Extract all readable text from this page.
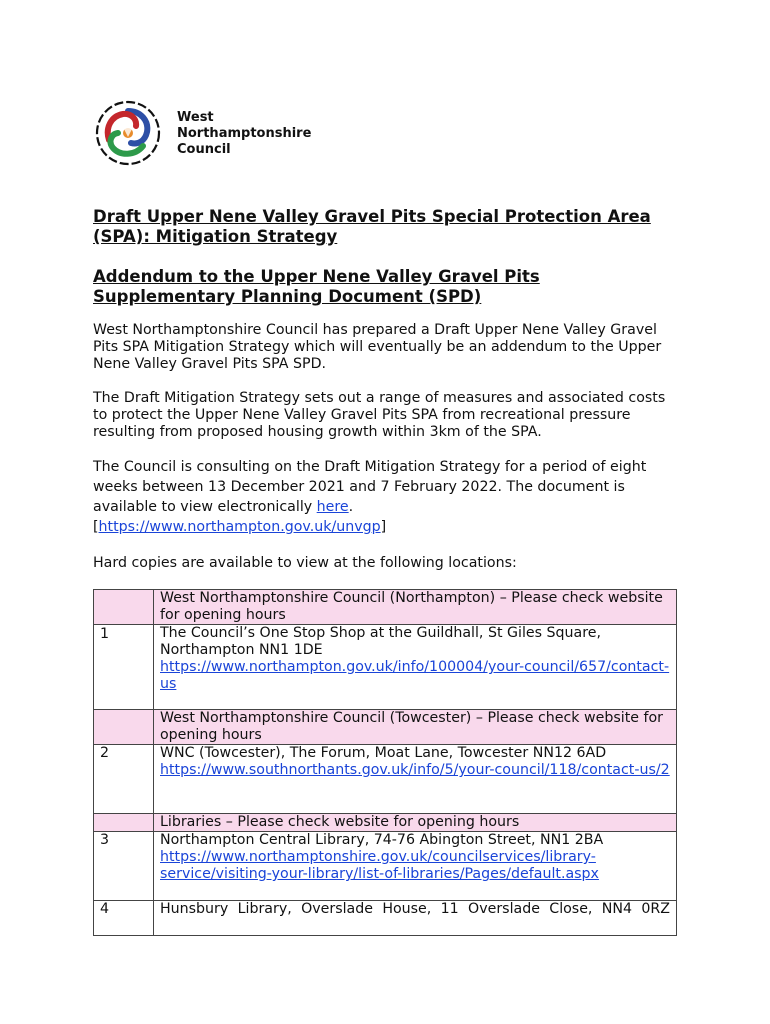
West
Northamptonshire
Council
Draft Upper Nene Valley Gravel Pits Special Protection Area (SPA): Mitigation Strategy
Addendum to the Upper Nene Valley Gravel Pits Supplementary Planning Document (SPD)
West Northamptonshire Council has prepared a Draft Upper Nene Valley Gravel Pits SPA Mitigation Strategy which will eventually be an addendum to the Upper Nene Valley Gravel Pits SPA SPD.
The Draft Mitigation Strategy sets out a range of measures and associated costs to protect the Upper Nene Valley Gravel Pits SPA from recreational pressure resulting from proposed housing growth within 3km of the SPA.
The Council is consulting on the Draft Mitigation Strategy for a period of eight weeks between 13 December 2021 and 7 February 2022. The document is available to view electronically here.
[https://www.northampton.gov.uk/unvgp]
Hard copies are available to view at the following locations:
	West Northamptonshire Council (Northampton) – Please check website for opening hours
1	The Council’s One Stop Shop at the Guildhall, St Giles Square, Northampton NN1 1DE
https://www.northampton.gov.uk/info/100004/your-council/657/contact-us
	West Northamptonshire Council (Towcester) – Please check website for opening hours
2	WNC (Towcester), The Forum, Moat Lane, Towcester NN12 6AD
https://www.southnorthants.gov.uk/info/5/your-council/118/contact-us/2
	Libraries – Please check website for opening hours
3	Northampton Central Library, 74-76 Abington Street, NN1 2BA
https://www.northamptonshire.gov.uk/councilservices/library-service/visiting-your-library/list-of-libraries/Pages/default.aspx
4	Hunsbury Library, Overslade House, 11 Overslade Close, NN4 0RZ
